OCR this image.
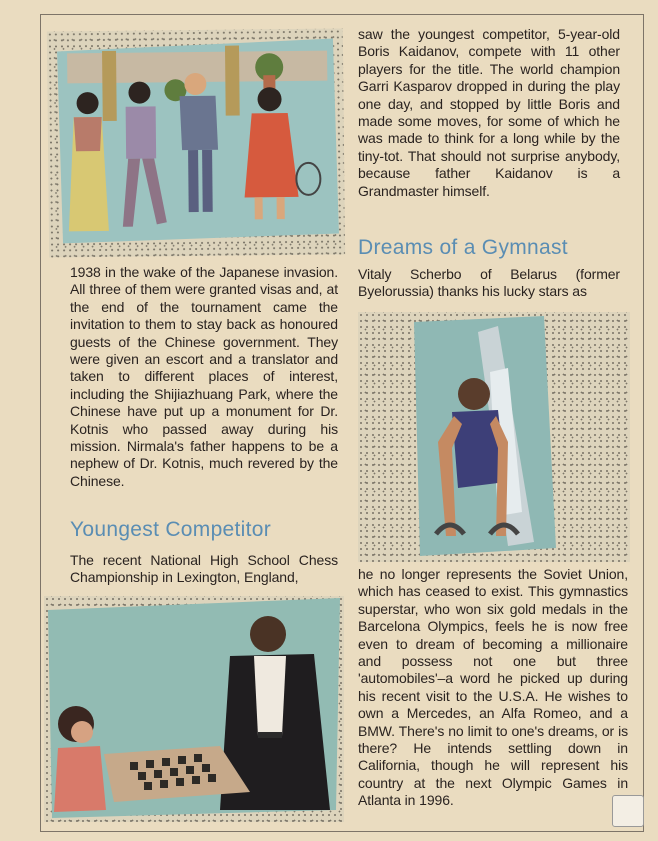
saw the youngest competitor, 5-year-old Boris Kaidanov, compete with 11 other players for the title. The world champion Garri Kasparov dropped in during the play one day, and stopped by little Boris and made some moves, for some of which he was made to think for a long while by the tiny-tot. That should not surprise anybody, because father Kaidanov is a Grandmaster himself.

Dreams of a Gymnast

Vitaly Scherbo of Belarus (former Byelorussia) thanks his lucky stars as

he no longer represents the Soviet Union, which has ceased to exist. This gymnastics superstar, who won six gold medals in the Barcelona Olympics, feels he is now free even to dream of becoming a millionaire and possess not one but three 'automobiles'–a word he picked up during his recent visit to the U.S.A. He wishes to own a Mercedes, an Alfa Romeo, and a BMW. There's no limit to one's dreams, or is there? He intends settling down in California, though he will represent his country at the next Olympic Games in Atlanta in 1996.

1938 in the wake of the Japanese invasion. All three of them were granted visas and, at the end of the tournament came the invitation to them to stay back as honoured guests of the Chinese government. They were given an escort and a translator and taken to different places of interest, including the Shijiazhuang Park, where the Chinese have put up a monument for Dr. Kotnis who passed away during his mission. Nirmala's father happens to be a nephew of Dr. Kotnis, much revered by the Chinese.

Youngest Competitor

The recent National High School Chess Championship in Lexington, England,
